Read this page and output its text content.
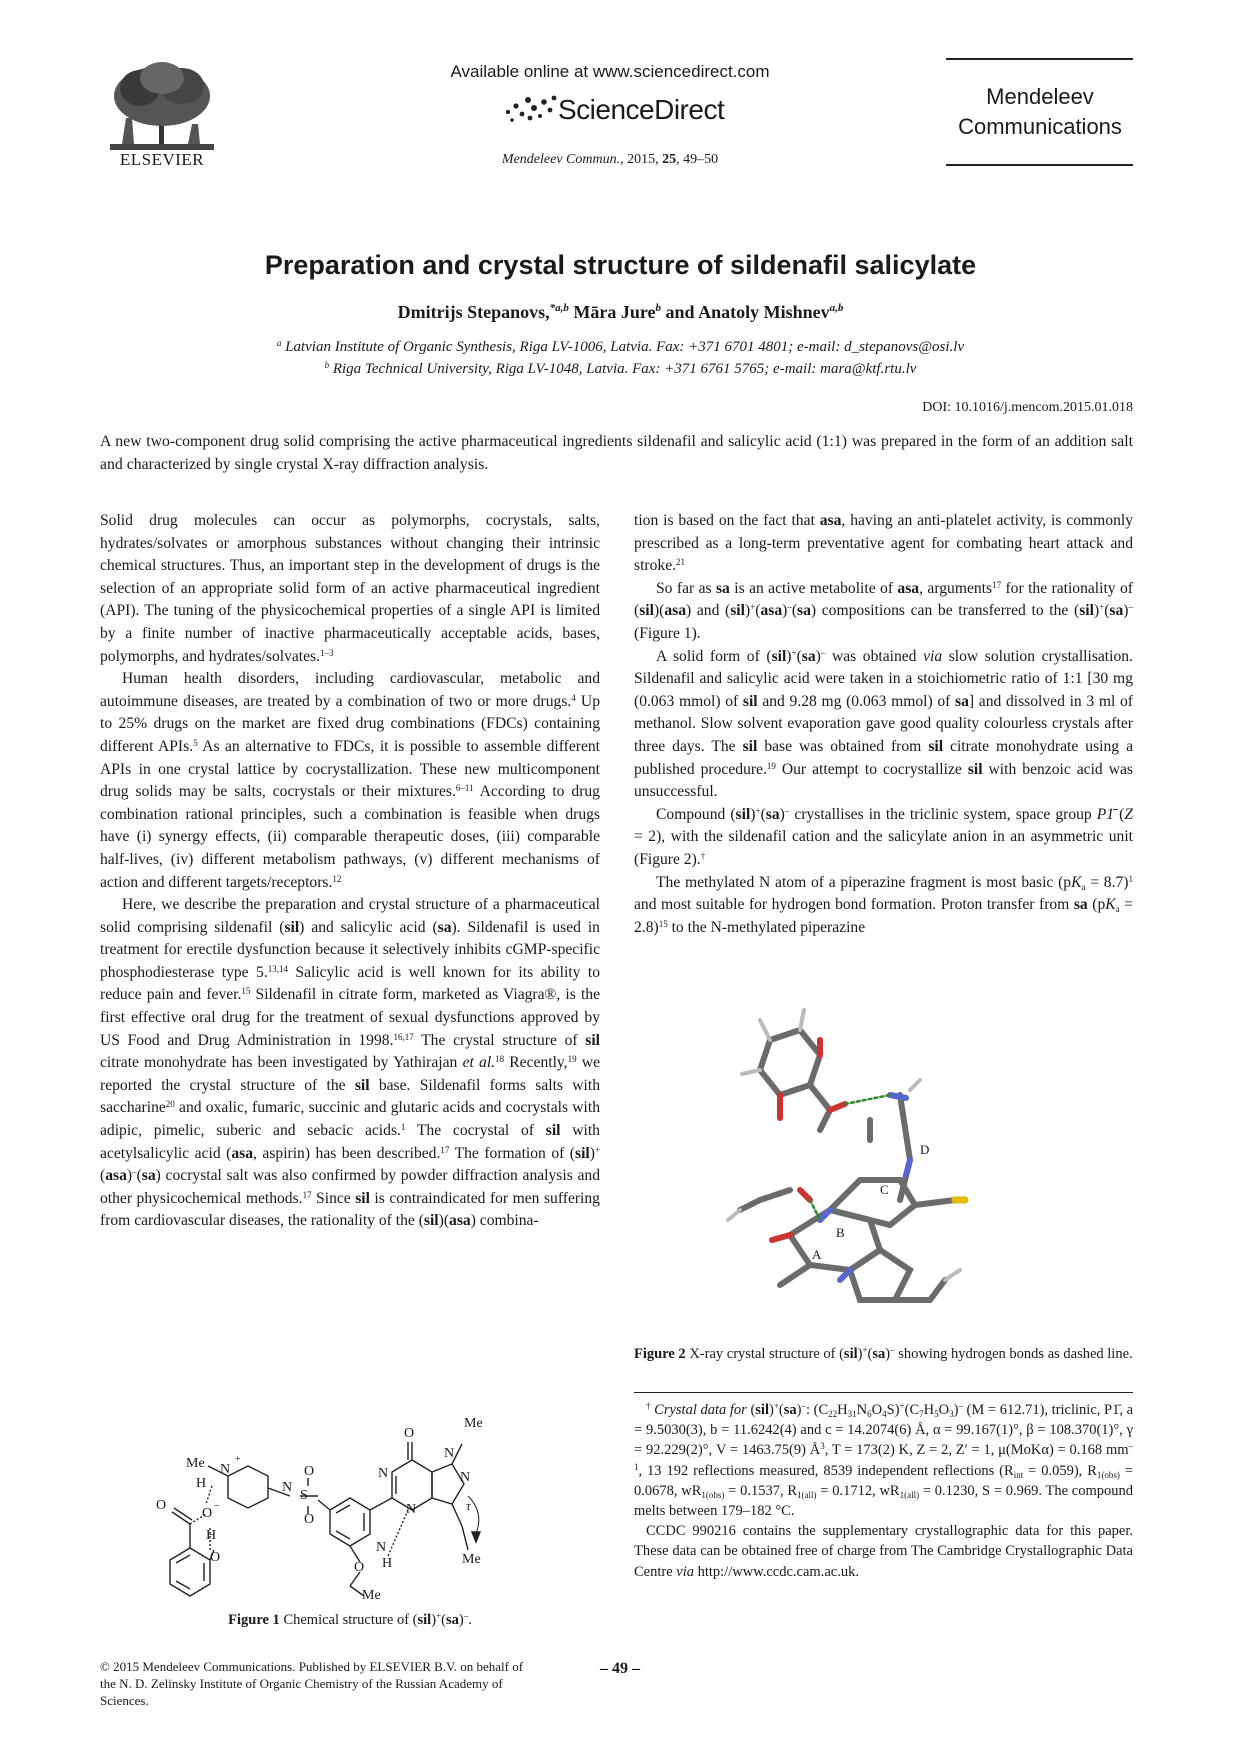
ELSEVIER
Available online at www.sciencedirect.com
ScienceDirect
Mendeleev Commun., 2015, 25, 49–50
Mendeleev
Communications
Preparation and crystal structure of sildenafil salicylate
Dmitrijs Stepanovs,$^{*a,b}$ Māra Jure$^b$ and Anatoly Mishnev$^{a,b}$
$^a$ Latvian Institute of Organic Synthesis, Riga LV-1006, Latvia. Fax: +371 6701 4801; e-mail: d_stepanovs@osi.lv
$^b$ Riga Technical University, Riga LV-1048, Latvia. Fax: +371 6761 5765; e-mail: mara@ktf.rtu.lv
DOI: 10.1016/j.mencom.2015.01.018
A new two-component drug solid comprising the active pharmaceutical ingredients sildenafil and salicylic acid (1:1) was prepared in the form of an addition salt and characterized by single crystal X-ray diffraction analysis.

Solid drug molecules can occur as polymorphs, cocrystals, salts, hydrates/solvates or amorphous substances without changing their intrinsic chemical structures. Thus, an important step in the development of drugs is the selection of an appropriate solid form of an active pharmaceutical ingredient (API). The tuning of the physicochemical properties of a single API is limited by a finite number of inactive pharmaceutically acceptable acids, bases, polymorphs, and hydrates/solvates.$^{1-3}$

Human health disorders, including cardiovascular, metabolic and autoimmune diseases, are treated by a combination of two or more drugs.$^4$ Up to 25% drugs on the market are fixed drug combinations (FDCs) containing different APIs.$^5$ As an alternative to FDCs, it is possible to assemble different APIs in one crystal lattice by cocrystallization. These new multicomponent drug solids may be salts, cocrystals or their mixtures.$^{6-11}$ According to drug combination rational principles, such a combination is feasible when drugs have (i) synergy effects, (ii) comparable therapeutic doses, (iii) comparable half-lives, (iv) different metabolism pathways, (v) different mechanisms of action and different targets/receptors.$^{12}$

Here, we describe the preparation and crystal structure of a pharmaceutical solid comprising sildenafil (sil) and salicylic acid (sa). Sildenafil is used in treatment for erectile dysfunction because it selectively inhibits cGMP-specific phosphodiesterase type 5.$^{13,14}$ Salicylic acid is well known for its ability to reduce pain and fever.$^{15}$ Sildenafil in citrate form, marketed as Viagra®, is the first effective oral drug for the treatment of sexual dysfunctions approved by US Food and Drug Administration in 1998.$^{16,17}$ The crystal structure of sil citrate monohydrate has been investigated by Yathirajan et al.$^{18}$ Recently,$^{19}$ we reported the crystal structure of the sil base. Sildenafil forms salts with saccharine$^{20}$ and oxalic, fumaric, succinic and glutaric acids and cocrystals with adipic, pimelic, suberic and sebacic acids.$^1$ The cocrystal of sil with acetylsalicylic acid (asa, aspirin) has been described.$^{17}$ The formation of (sil)+(asa)–(sa) cocrystal salt was also confirmed by powder diffraction analysis and other physicochemical methods.$^{17}$ Since sil is contraindicated for men suffering from cardiovascular diseases, the rationality of the (sil)(asa) combina-

Me N
+
H
O
O
–
H
O
N
S
O
O
N
N
O
N
N
Me
N
H
O
Me
Me
τ
Figure 1 Chemical structure of (sil)+(sa)–.

tion is based on the fact that asa, having an anti-platelet activity, is commonly prescribed as a long-term preventative agent for combating heart attack and stroke.$^{21}$

So far as sa is an active metabolite of asa, arguments$^{17}$ for the rationality of (sil)(asa) and (sil)+(asa)–(sa) compositions can be transferred to the (sil)+(sa)– (Figure 1).

A solid form of (sil)+(sa)– was obtained via slow solution crystallisation. Sildenafil and salicylic acid were taken in a stoichiometric ratio of 1:1 [30 mg (0.063 mmol) of sil and 9.28 mg (0.063 mmol) of sa] and dissolved in 3 ml of methanol. Slow solvent evaporation gave good quality colourless crystals after three days. The sil base was obtained from sil citrate monohydrate using a published procedure.$^{19}$ Our attempt to cocrystallize sil with benzoic acid was unsuccessful.

Compound (sil)+(sa)– crystallises in the triclinic system, space group P1̄ (Z = 2), with the sildenafil cation and the salicylate anion in an asymmetric unit (Figure 2).†

The methylated N atom of a piperazine fragment is most basic $(pK_a = 8.7)^1$ and most suitable for hydrogen bond formation. Proton transfer from sa $(pK_a = 2.8)^{15}$ to the N-methylated piperazine

A
B
C
D
Figure 2 X-ray crystal structure of (sil)+(sa)– showing hydrogen bonds as dashed line.

† Crystal data for (sil)+(sa)–: $(C_{22}H_{31}N_6O_4S)^+(C_7H_5O_3)^-$ (M = 612.71), triclinic, P1̄, a = 9.5030(3), b = 11.6242(4) and c = 14.2074(6) Å, α = 99.167(1)°, β = 108.370(1)°, γ = 92.229(2)°, V = 1463.75(9) $Å^3$, T = 173(2) K, Z = 2, Z′ = 1, μ(MoKα) = 0.168 $mm^{-1}$, 13 192 reflections measured, 8539 independent reflections $(R_{int} = 0.059)$, $R_{1(obs)} = 0.0678$, $wR_{1(obs)} = 0.1537$, $R_{1(all)} = 0.1712$, $wR_{1(all)} = 0.1230$, S = 0.969. The compound melts between 179–182 °C.

CCDC 990216 contains the supplementary crystallographic data for this paper. These data can be obtained free of charge from The Cambridge Crystallographic Data Centre via http://www.ccdc.cam.ac.uk.

© 2015 Mendeleev Communications. Published by ELSEVIER B.V. on behalf of the N. D. Zelinsky Institute of Organic Chemistry of the Russian Academy of Sciences.
– 49 –
